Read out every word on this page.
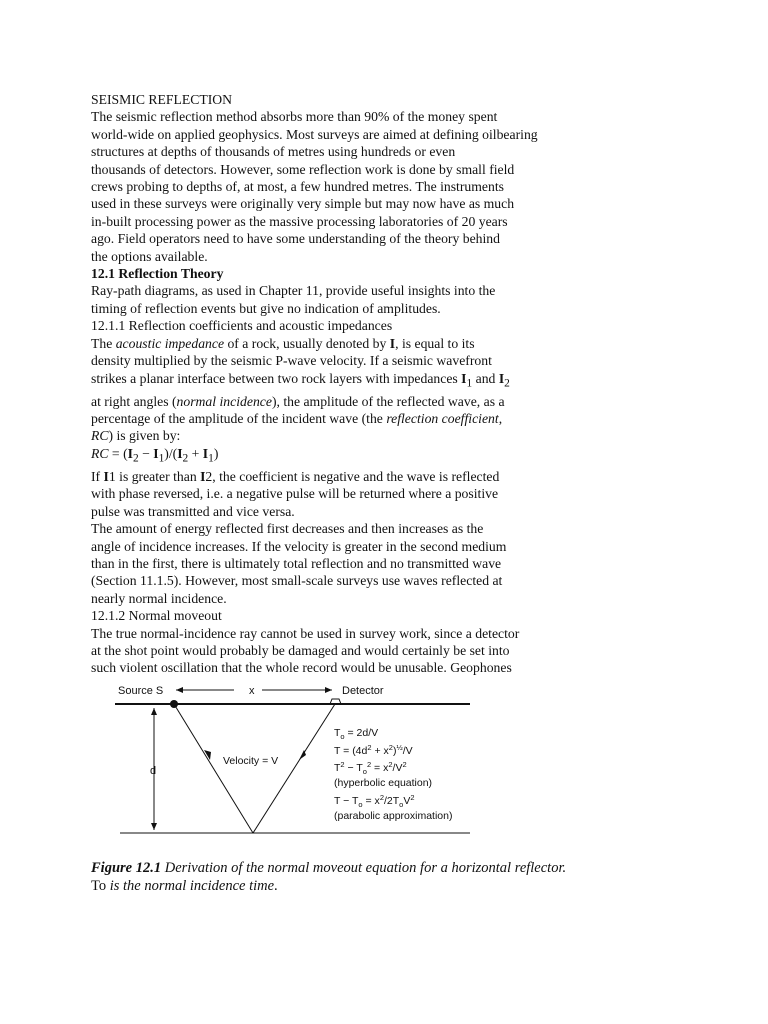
SEISMIC REFLECTION
The seismic reflection method absorbs more than 90% of the money spent
world-wide on applied geophysics. Most surveys are aimed at defining oilbearing
structures at depths of thousands of metres using hundreds or even
thousands of detectors. However, some reflection work is done by small field
crews probing to depths of, at most, a few hundred metres. The instruments
used in these surveys were originally very simple but may now have as much
in-built processing power as the massive processing laboratories of 20 years
ago. Field operators need to have some understanding of the theory behind
the options available.
12.1 Reflection Theory
Ray-path diagrams, as used in Chapter 11, provide useful insights into the
timing of reflection events but give no indication of amplitudes.
12.1.1 Reflection coefficients and acoustic impedances
The acoustic impedance of a rock, usually denoted by I, is equal to its
density multiplied by the seismic P-wave velocity. If a seismic wavefront
strikes a planar interface between two rock layers with impedances $I_1$ and $I_2$
at right angles (normal incidence), the amplitude of the reflected wave, as a
percentage of the amplitude of the incident wave (the reflection coefficient,
RC) is given by:
RC = $(I_2 - I_1)/(I_2 + I_1)$
If I1 is greater than I2, the coefficient is negative and the wave is reflected
with phase reversed, i.e. a negative pulse will be returned where a positive
pulse was transmitted and vice versa.
The amount of energy reflected first decreases and then increases as the
angle of incidence increases. If the velocity is greater in the second medium
than in the first, there is ultimately total reflection and no transmitted wave
(Section 11.1.5). However, most small-scale surveys use waves reflected at
nearly normal incidence.
12.1.2 Normal moveout
The true normal-incidence ray cannot be used in survey work, since a detector
at the shot point would probably be damaged and would certainly be set into
such violent oscillation that the whole record would be unusable. Geophones
Source S	x	Detector
d
Velocity = V
$T_o = 2d/V$
$T = (4d^2 + x^2)^{\frac{1}{2}}/V$
$T^2 - T_o^2 = x^2/V^2$
(hyperbolic equation)
$T - T_o = x^2/2T_oV^2$
(parabolic approximation)
Figure 12.1 Derivation of the normal moveout equation for a horizontal reflector.
To is the normal incidence time.
